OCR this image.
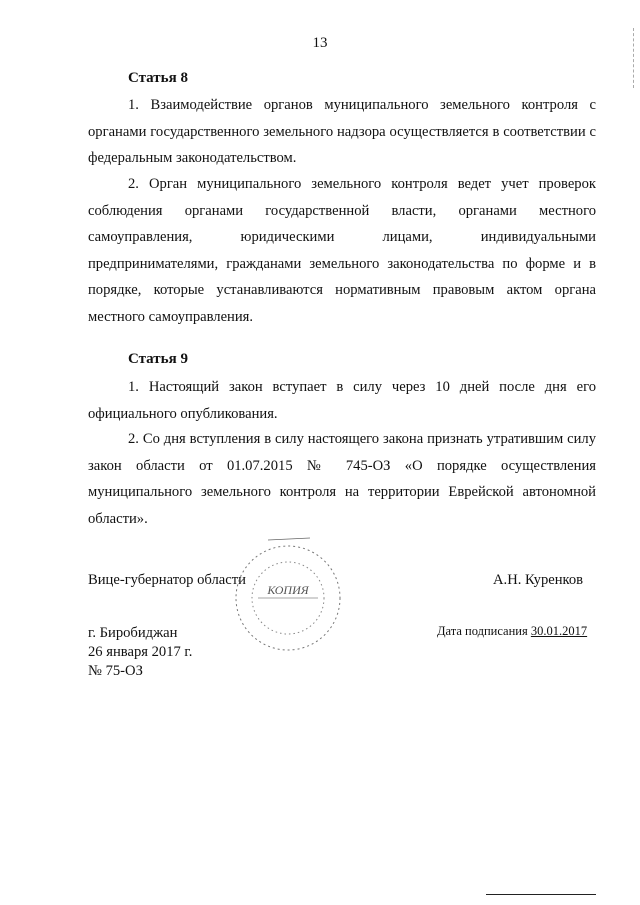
13
Статья 8

1. Взаимодействие органов муниципального земельного контроля с органами государственного земельного надзора осуществляется в соответствии с федеральным законодательством.

2. Орган муниципального земельного контроля ведет учет проверок соблюдения органами государственной власти, органами местного самоуправления, юридическими лицами, индивидуальными предпринимателями, гражданами земельного законодательства по форме и в порядке, которые устанавливаются нормативным правовым актом органа местного самоуправления.

Статья 9

1. Настоящий закон вступает в силу через 10 дней после дня его официального опубликования.

2. Со дня вступления в силу настоящего закона признать утратившим силу закон области от 01.07.2015 № 745-ОЗ «О порядке осуществления муниципального земельного контроля на территории Еврейской автономной области».

Вице-губернатор области	А.Н. Куренков
КОПИЯ
г. Биробиджан
26 января 2017 г.
№ 75-ОЗ
Дата подписания 30.01.2017
